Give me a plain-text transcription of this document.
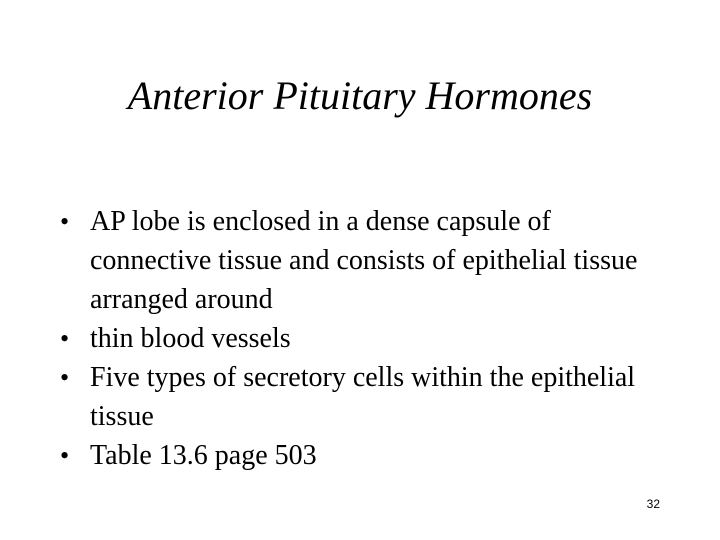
Anterior Pituitary Hormones
• AP lobe is enclosed in a dense capsule of connective tissue and consists of epithelial tissue arranged around
• thin blood vessels
• Five types of secretory cells within the epithelial tissue
• Table 13.6 page 503
32
